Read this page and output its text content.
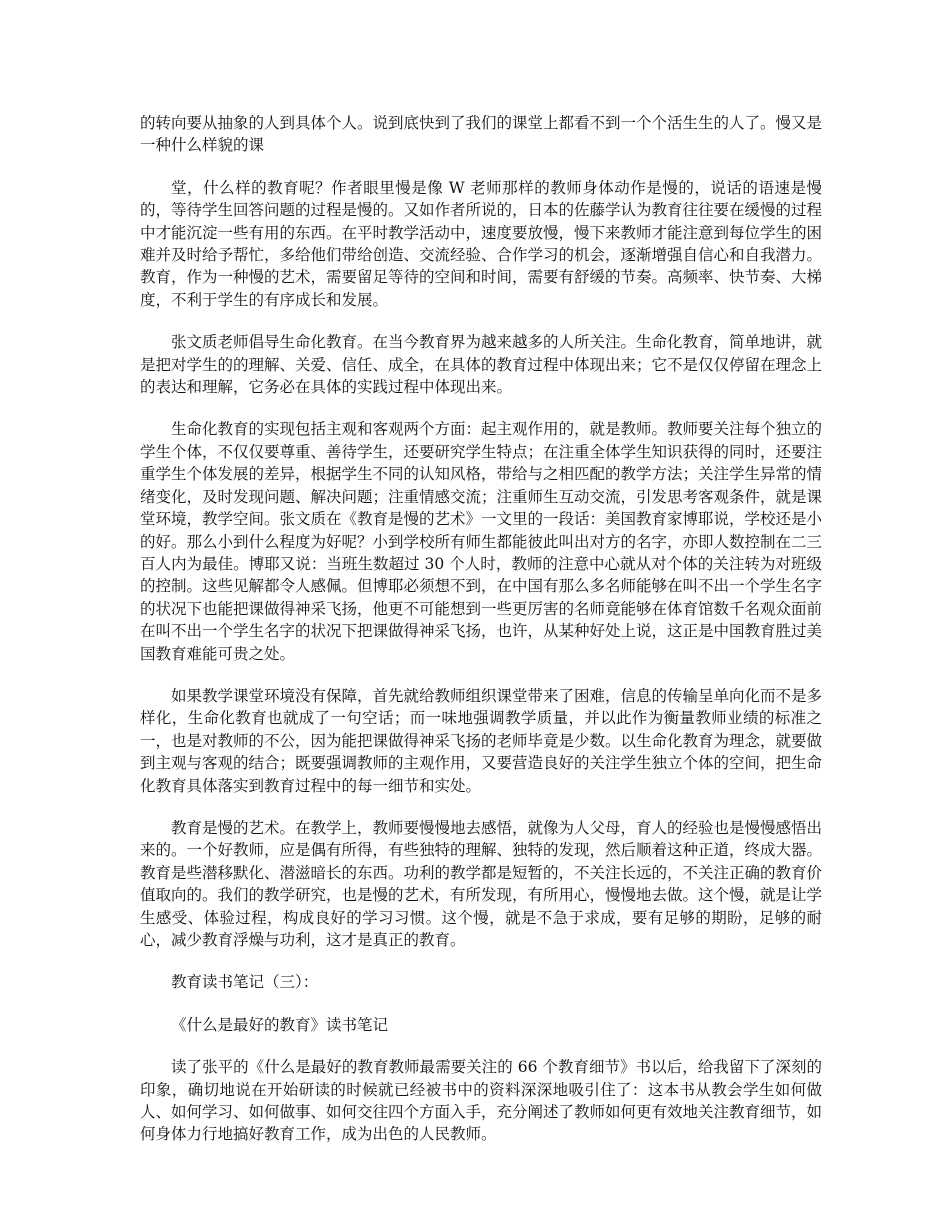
的转向要从抽象的人到具体个人。说到底快到了我们的课堂上都看不到一个个活生生的人了。慢又是一种什么样貌的课

堂，什么样的教育呢？作者眼里慢是像 W 老师那样的教师身体动作是慢的，说话的语速是慢的，等待学生回答问题的过程是慢的。又如作者所说的，日本的佐藤学认为教育往往要在缓慢的过程中才能沉淀一些有用的东西。在平时教学活动中，速度要放慢，慢下来教师才能注意到每位学生的困难并及时给予帮忙，多给他们带给创造、交流经验、合作学习的机会，逐渐增强自信心和自我潜力。教育，作为一种慢的艺术，需要留足等待的空间和时间，需要有舒缓的节奏。高频率、快节奏、大梯度，不利于学生的有序成长和发展。

张文质老师倡导生命化教育。在当今教育界为越来越多的人所关注。生命化教育，简单地讲，就是把对学生的的理解、关爱、信任、成全，在具体的教育过程中体现出来；它不是仅仅停留在理念上的表达和理解，它务必在具体的实践过程中体现出来。

生命化教育的实现包括主观和客观两个方面：起主观作用的，就是教师。教师要关注每个独立的学生个体，不仅仅要尊重、善待学生，还要研究学生特点；在注重全体学生知识获得的同时，还要注重学生个体发展的差异，根据学生不同的认知风格，带给与之相匹配的教学方法；关注学生异常的情绪变化，及时发现问题、解决问题；注重情感交流；注重师生互动交流，引发思考客观条件，就是课堂环境，教学空间。张文质在《教育是慢的艺术》一文里的一段话：美国教育家博耶说，学校还是小的好。那么小到什么程度为好呢？小到学校所有师生都能彼此叫出对方的名字，亦即人数控制在二三百人内为最佳。博耶又说：当班生数超过 30 个人时，教师的注意中心就从对个体的关注转为对班级的控制。这些见解都令人感佩。但博耶必须想不到，在中国有那么多名师能够在叫不出一个学生名字的状况下也能把课做得神采飞扬，他更不可能想到一些更厉害的名师竟能够在体育馆数千名观众面前在叫不出一个学生名字的状况下把课做得神采飞扬，也许，从某种好处上说，这正是中国教育胜过美国教育难能可贵之处。

如果教学课堂环境没有保障，首先就给教师组织课堂带来了困难，信息的传输呈单向化而不是多样化，生命化教育也就成了一句空话；而一味地强调教学质量，并以此作为衡量教师业绩的标准之一，也是对教师的不公，因为能把课做得神采飞扬的老师毕竟是少数。以生命化教育为理念，就要做到主观与客观的结合；既要强调教师的主观作用，又要营造良好的关注学生独立个体的空间，把生命化教育具体落实到教育过程中的每一细节和实处。

教育是慢的艺术。在教学上，教师要慢慢地去感悟，就像为人父母，育人的经验也是慢慢感悟出来的。一个好教师，应是偶有所得，有些独特的理解、独特的发现，然后顺着这种正道，终成大器。教育是些潜移默化、潜滋暗长的东西。功利的教学都是短暂的，不关注长远的，不关注正确的教育价值取向的。我们的教学研究，也是慢的艺术，有所发现，有所用心，慢慢地去做。这个慢，就是让学生感受、体验过程，构成良好的学习习惯。这个慢，就是不急于求成，要有足够的期盼，足够的耐心，减少教育浮燥与功利，这才是真正的教育。

教育读书笔记（三）：

《什么是最好的教育》读书笔记

读了张平的《什么是最好的教育教师最需要关注的 66 个教育细节》书以后，给我留下了深刻的印象，确切地说在开始研读的时候就已经被书中的资料深深地吸引住了：这本书从教会学生如何做人、如何学习、如何做事、如何交往四个方面入手，充分阐述了教师如何更有效地关注教育细节，如何身体力行地搞好教育工作，成为出色的人民教师。
